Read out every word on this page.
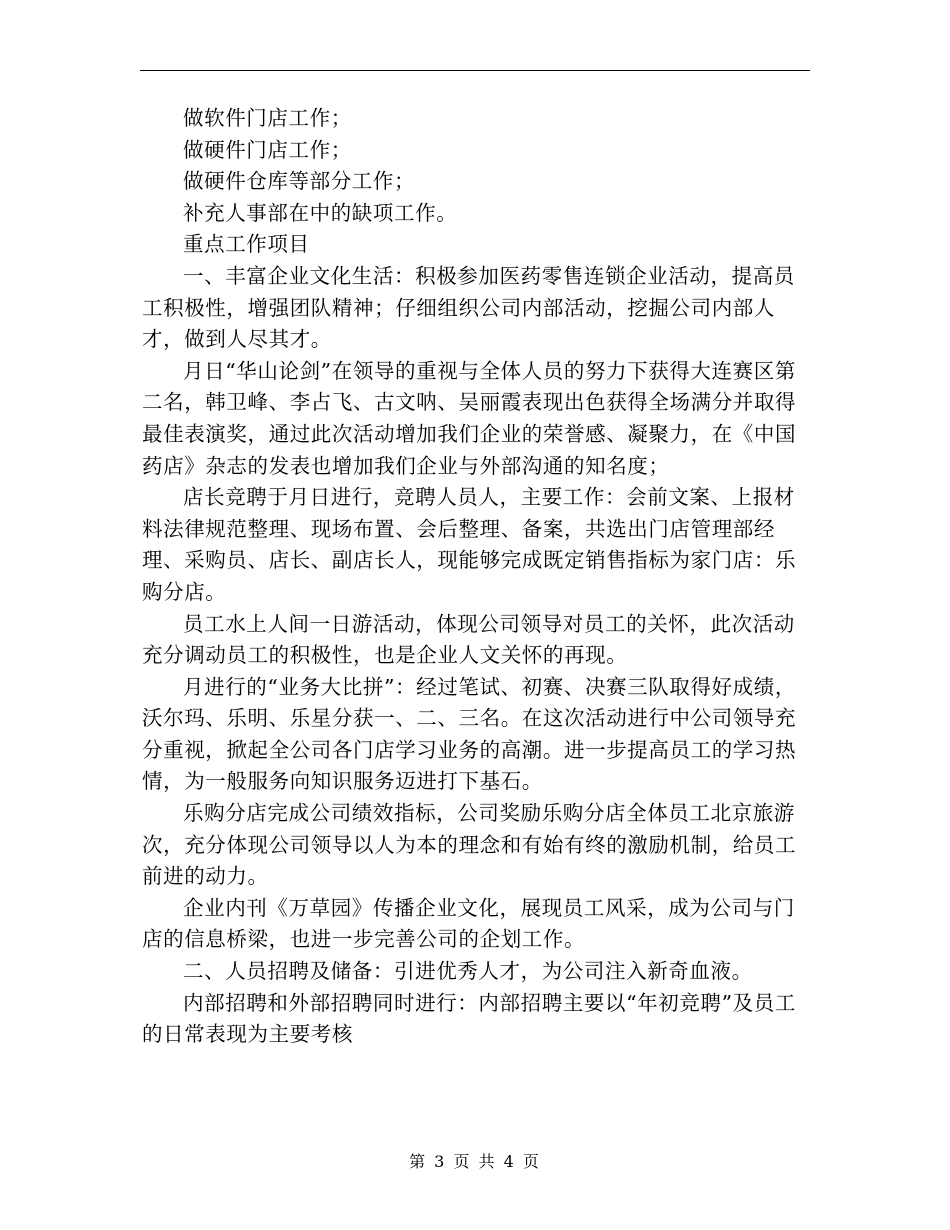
做软件门店工作；

做硬件门店工作；

做硬件仓库等部分工作；

补充人事部在中的缺项工作。

重点工作项目

一、丰富企业文化生活：积极参加医药零售连锁企业活动，提高员工积极性，增强团队精神；仔细组织公司内部活动，挖掘公司内部人才，做到人尽其才。

月日“华山论剑”在领导的重视与全体人员的努力下获得大连赛区第二名，韩卫峰、李占飞、古文呐、吴丽霞表现出色获得全场满分并取得最佳表演奖，通过此次活动增加我们企业的荣誉感、凝聚力，在《中国药店》杂志的发表也增加我们企业与外部沟通的知名度；

店长竞聘于月日进行，竞聘人员人，主要工作：会前文案、上报材料法律规范整理、现场布置、会后整理、备案，共选出门店管理部经理、采购员、店长、副店长人，现能够完成既定销售指标为家门店：乐购分店。

员工水上人间一日游活动，体现公司领导对员工的关怀，此次活动充分调动员工的积极性，也是企业人文关怀的再现。

月进行的“业务大比拼”：经过笔试、初赛、决赛三队取得好成绩，沃尔玛、乐明、乐星分获一、二、三名。在这次活动进行中公司领导充分重视，掀起全公司各门店学习业务的高潮。进一步提高员工的学习热情，为一般服务向知识服务迈进打下基石。

乐购分店完成公司绩效指标，公司奖励乐购分店全体员工北京旅游次，充分体现公司领导以人为本的理念和有始有终的激励机制，给员工前进的动力。

企业内刊《万草园》传播企业文化，展现员工风采，成为公司与门店的信息桥梁，也进一步完善公司的企划工作。

二、人员招聘及储备：引进优秀人才，为公司注入新奇血液。

内部招聘和外部招聘同时进行：内部招聘主要以“年初竞聘”及员工的日常表现为主要考核

第 3 页 共 4 页
